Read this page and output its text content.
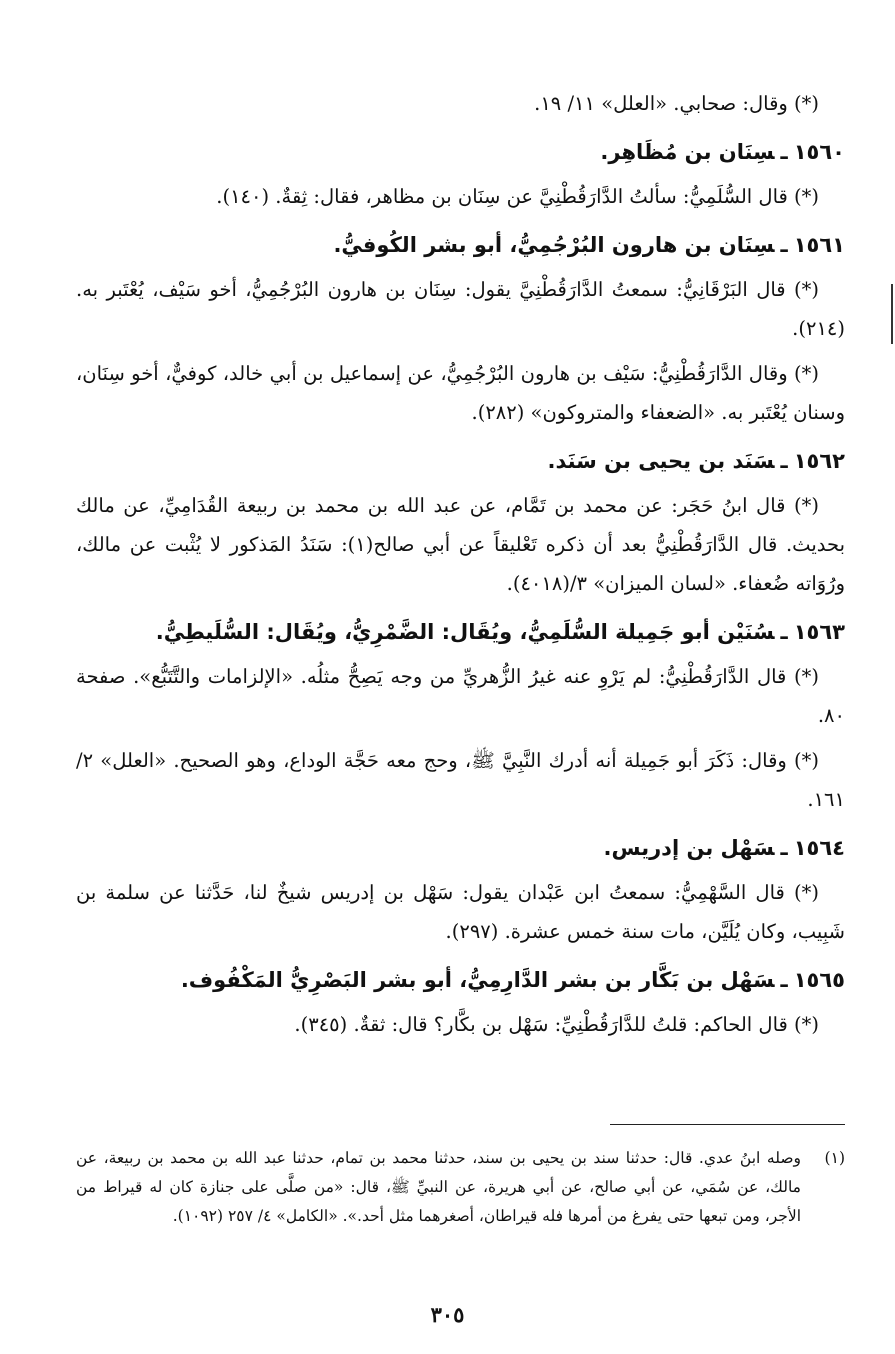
(*) وقال: صحابي. «العلل» ١١/ ١٩.

١٥٦٠ـسِنَان بن مُظَاهِر.

(*) قال السُّلَمِيُّ: سألتُ الدَّارَقُطْنِيَّ عن سِنَان بن مظاهر، فقال: ثِقةٌ. (١٤٠).

١٥٦١ـسِنَان بن هارون البُرْجُمِيُّ، أبو بشر الكُوفيُّ.

(*) قال البَرْقَانِيُّ: سمعتُ الدَّارَقُطْنِيَّ يقول: سِنَان بن هارون البُرْجُمِيُّ، أخو سَيْف، يُعْتَبر به. (٢١٤).

(*) وقال الدَّارَقُطْنِيُّ: سَيْف بن هارون البُرْجُمِيُّ، عن إسماعيل بن أبي خالد، كوفيٌّ، أخو سِنَان، وسنان يُعْتَبر به. «الضعفاء والمتروكون» (٢٨٢).

١٥٦٢ـسَنَد بن يحيى بن سَنَد.

(*) قال ابنُ حَجَر: عن محمد بن تَمَّام، عن عبد الله بن محمد بن ربيعة القُدَامِيِّ، عن مالك بحديث. قال الدَّارَقُطْنِيُّ بعد أن ذكره تَعْليقاً عن أبي صالح(١): سَنَدُ المَذكور لا يُثْبت عن مالك، ورُوَاته ضُعفاء. «لسان الميزان» ٣/(٤٠١٨).

١٥٦٣ـسُنَيْن أبو جَمِيلة السُّلَمِيُّ، ويُقَال: الضَّمْرِيُّ، ويُقَال: السُّلَيطِيُّ.

(*) قال الدَّارَقُطْنِيُّ: لم يَرْوِ عنه غيرُ الزُّهريِّ من وجه يَصِحُّ مثلُه. «الإلزامات والتَّتَبُّع». صفحة ٨٠.

(*) وقال: ذَكَرَ أبو جَمِيلة أنه أدرك النَّبِيَّ ﷺ، وحج معه حَجَّة الوداع، وهو الصحيح. «العلل» ٢/ ١٦١.

١٥٦٤ـسَهْل بن إدريس.

(*) قال السَّهْمِيُّ: سمعتُ ابن عَبْدان يقول: سَهْل بن إدريس شيخٌ لنا، حَدَّثنا عن سلمة بن شَبِيب، وكان يُلَيَّن، مات سنة خمس عشرة. (٢٩٧).

١٥٦٥ـسَهْل بن بَكَّار بن بشر الدَّارِمِيُّ، أبو بشر البَصْرِيُّ المَكْفُوف.

(*) قال الحاكم: قلتُ للدَّارَقُطْنِيِّ: سَهْل بن بكَّار؟ قال: ثقةٌ. (٣٤٥).

(١)
وصله ابنُ عدي. قال: حدثنا سند بن يحيى بن سند، حدثنا محمد بن تمام، حدثنا عبد الله بن محمد بن ربيعة، عن مالك، عن سُمَي، عن أبي صالح، عن أبي هريرة، عن النبيِّ ﷺ، قال: «من صلَّى على جنازة كان له قيراط من الأجر، ومن تبعها حتى يفرغ من أمرها فله قيراطان، أصغرهما مثل أحد.». «الكامل» ٤/ ٢٥٧ (١٠٩٢).
٣٠٥
